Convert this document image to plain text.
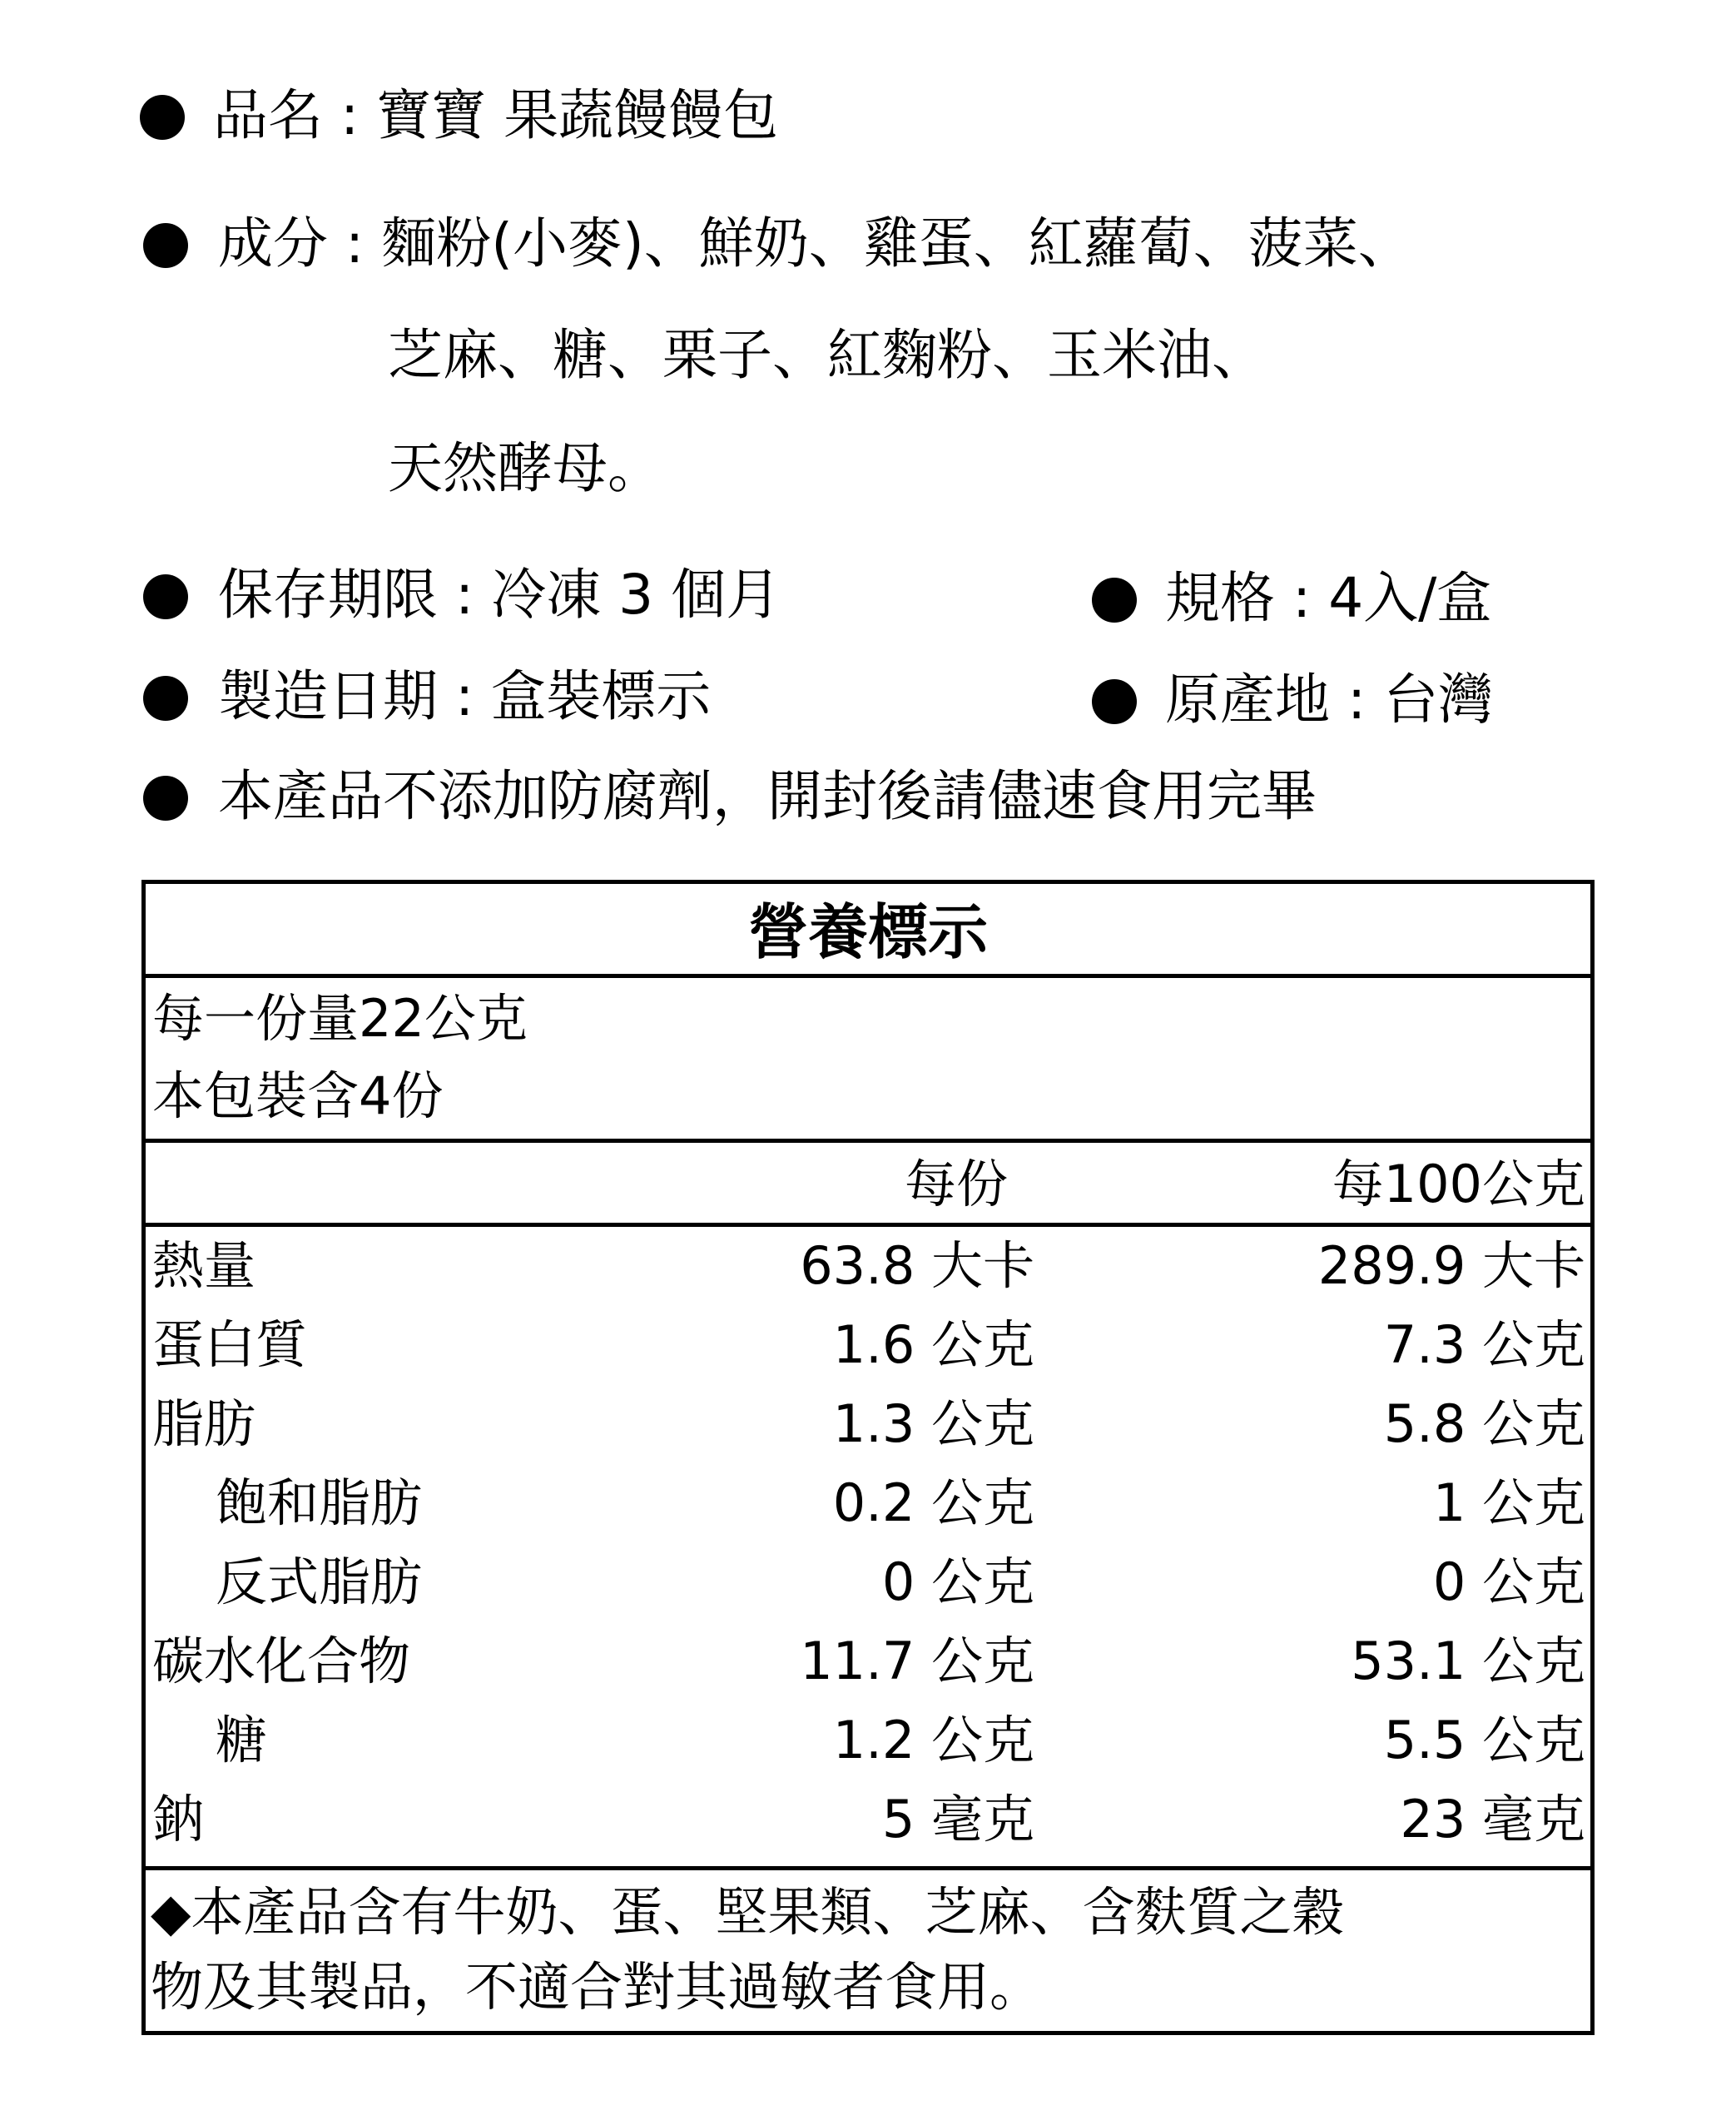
品名 : 寶寶 果蔬饅饅包
成分 : 麵粉(小麥)、鮮奶、雞蛋、紅蘿蔔、菠菜、
芝麻、糖、栗子、紅麴粉、玉米油、
天然酵母。
保存期限 : 冷凍 3 個月	規格 : 4入/盒
製造日期 : 盒裝標示	原產地 : 台灣
本產品不添加防腐劑，開封後請儘速食用完畢
營養標示
每一份量22公克
本包裝含4份
每份	每100公克
熱量	63.8 大卡	289.9 大卡
蛋白質	1.6 公克	7.3 公克
脂肪	1.3 公克	5.8 公克
飽和脂肪	0.2 公克	1 公克
反式脂肪	0 公克	0 公克
碳水化合物	11.7 公克	53.1 公克
糖	1.2 公克	5.5 公克
鈉	5 毫克	23 毫克
◆本產品含有牛奶、蛋、堅果類、芝麻、含麩質之穀
物及其製品，不適合對其過敏者食用。
